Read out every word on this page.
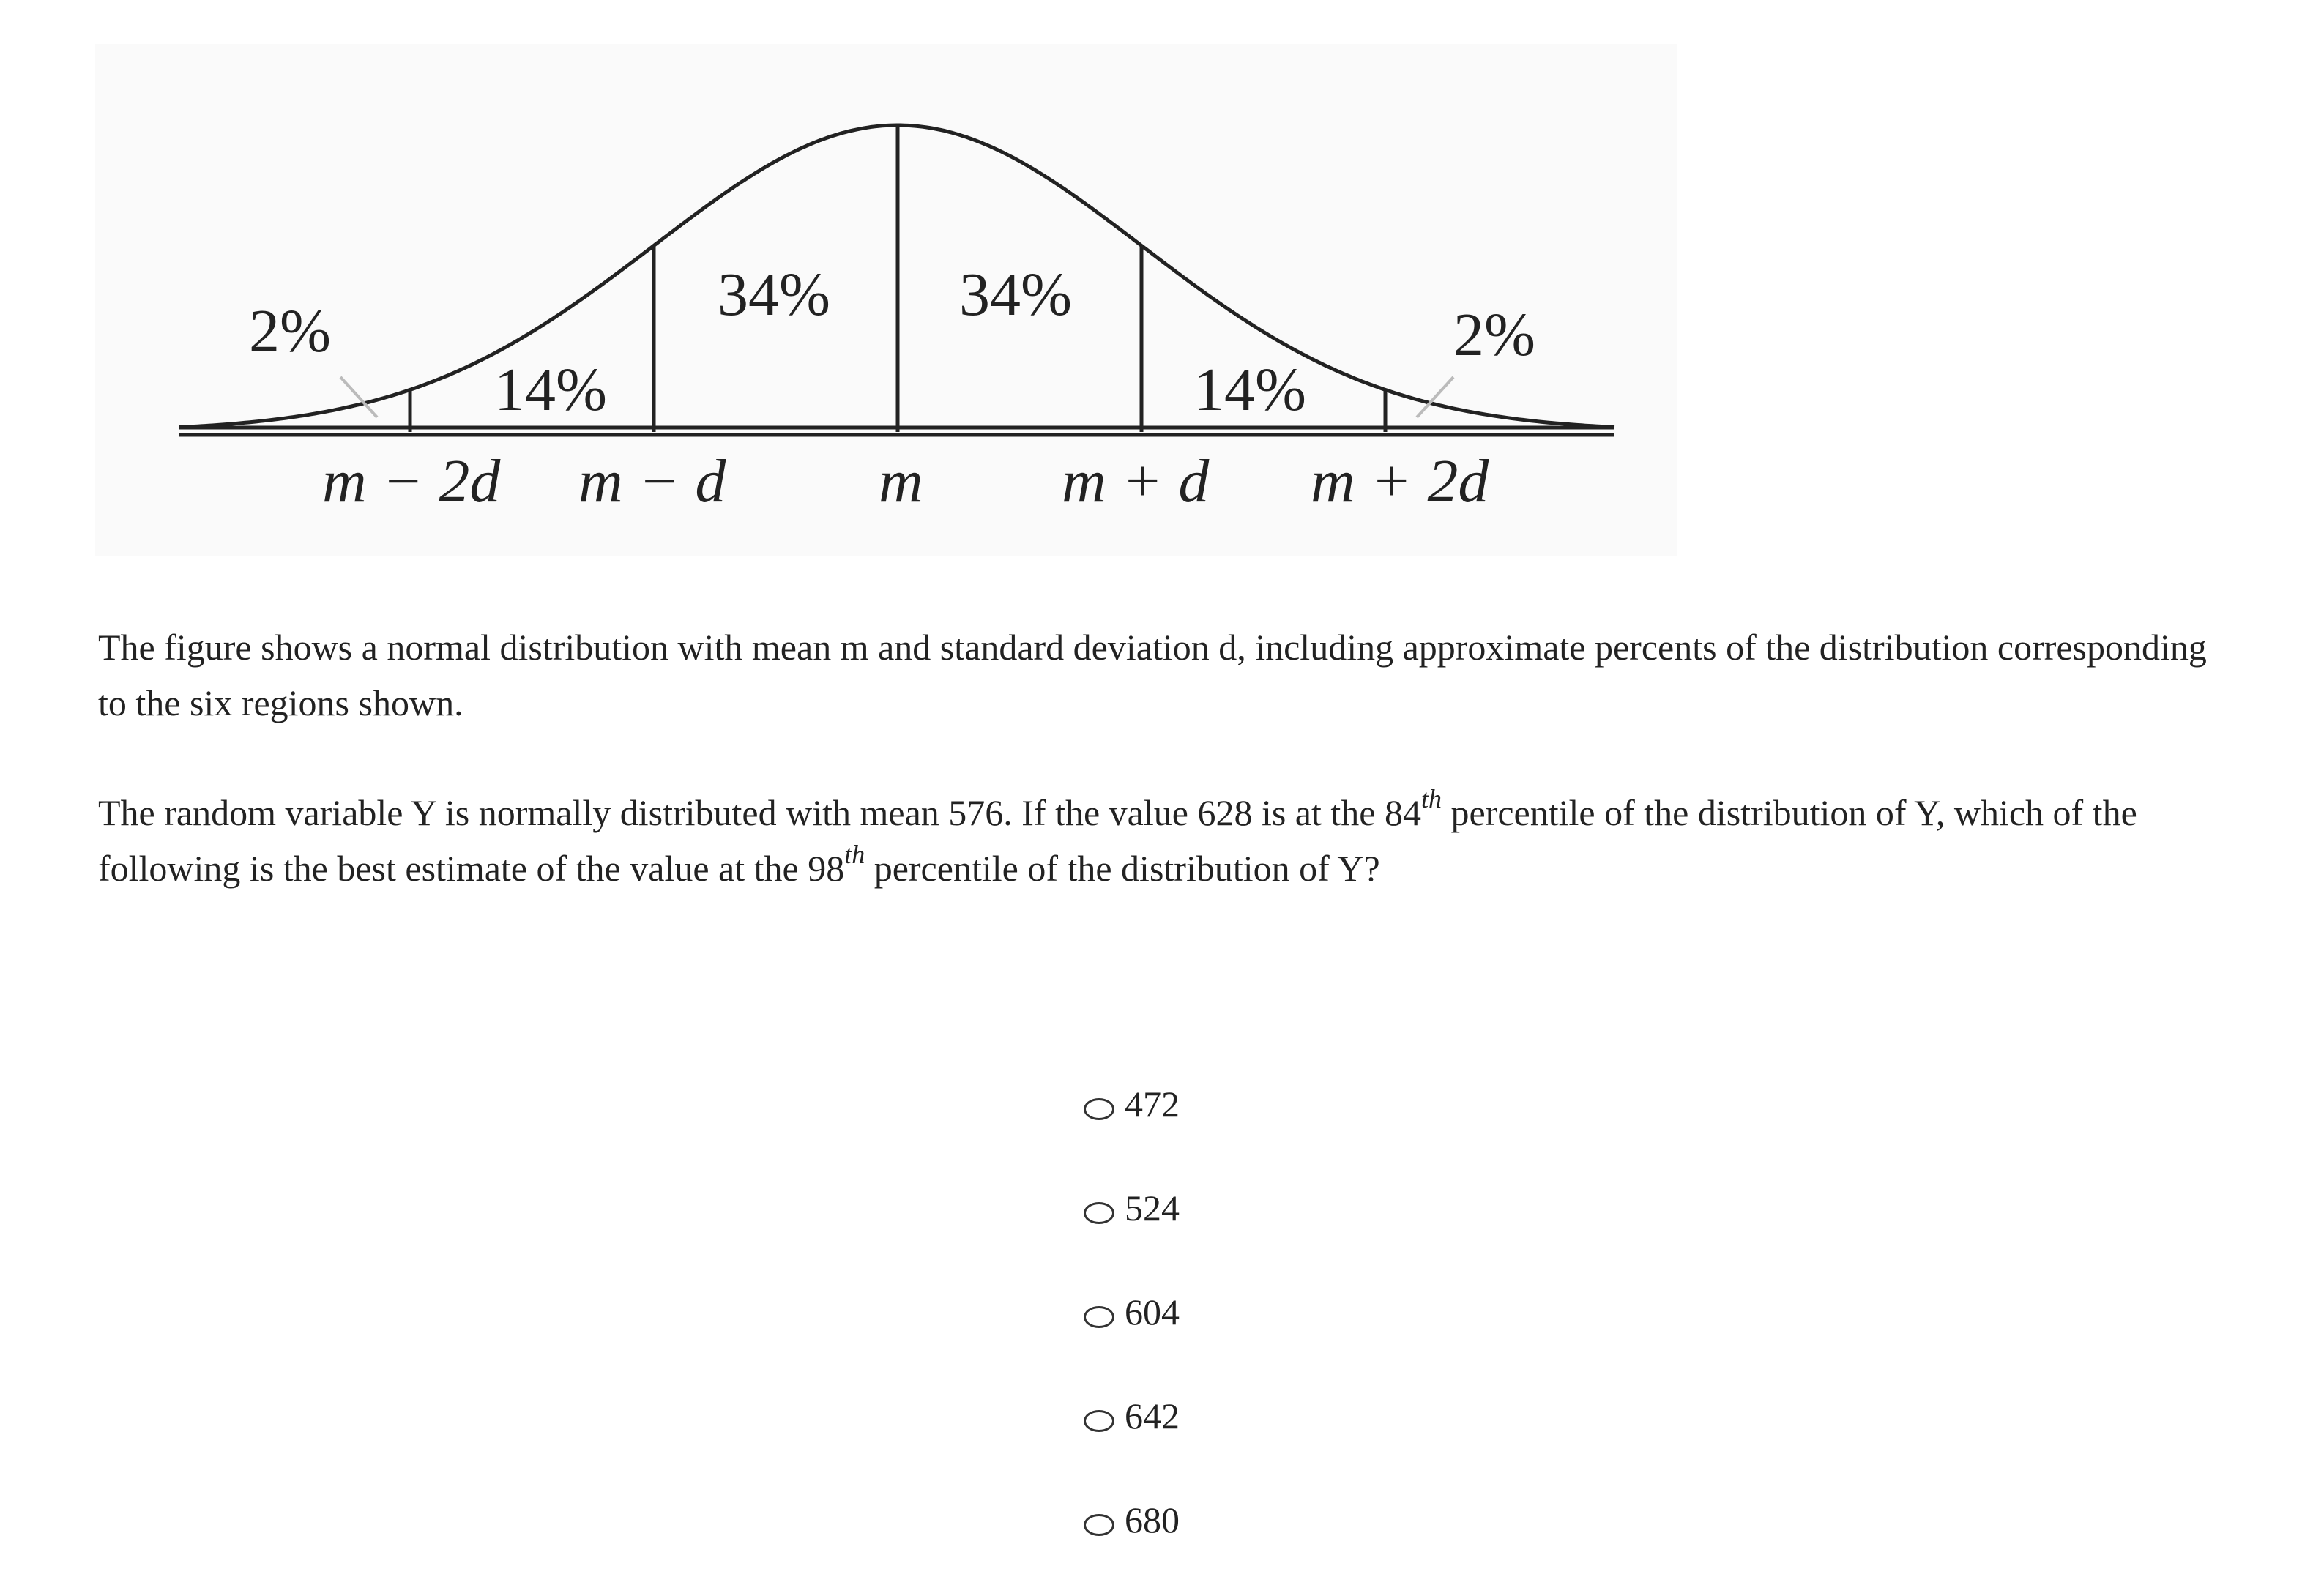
2%
14%
34% 34%
14%
2%
m − 2d m − d m m + d m + 2d

The figure shows a normal distribution with mean m and standard deviation d, including approximate percents of the distribution corresponding to the six regions shown.

The random variable Y is normally distributed with mean 576. If the value 628 is at the 84th percentile of the distribution of Y, which of the following is the best estimate of the value at the 98th percentile of the distribution of Y?

472
524
604
642
680
